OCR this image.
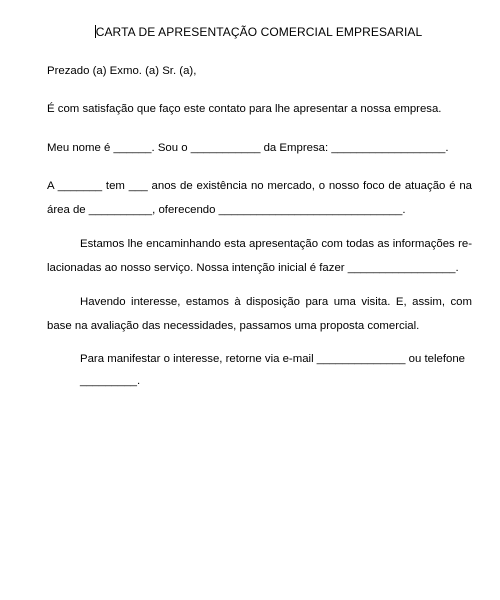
CARTA DE APRESENTAÇÃO COMERCIAL EMPRESARIAL
Prezado (a) Exmo. (a) Sr. (a),
É com satisfação que faço este contato para lhe apresentar a nossa empresa.
Meu nome é ______. Sou o ___________ da Empresa: __________________.
A _______ tem ___ anos de existência no mercado, o nosso foco de atuação é na área de __________, oferecendo _____________________________.
Estamos lhe encaminhando esta apresentação com todas as informações re-lacionadas ao nosso serviço. Nossa intenção inicial é fazer _________________.
Havendo interesse, estamos à disposição para uma visita. E, assim, com base na avaliação das necessidades, passamos uma proposta comercial.
Para manifestar o interesse, retorne via e-mail ______________ ou telefone
_________.
